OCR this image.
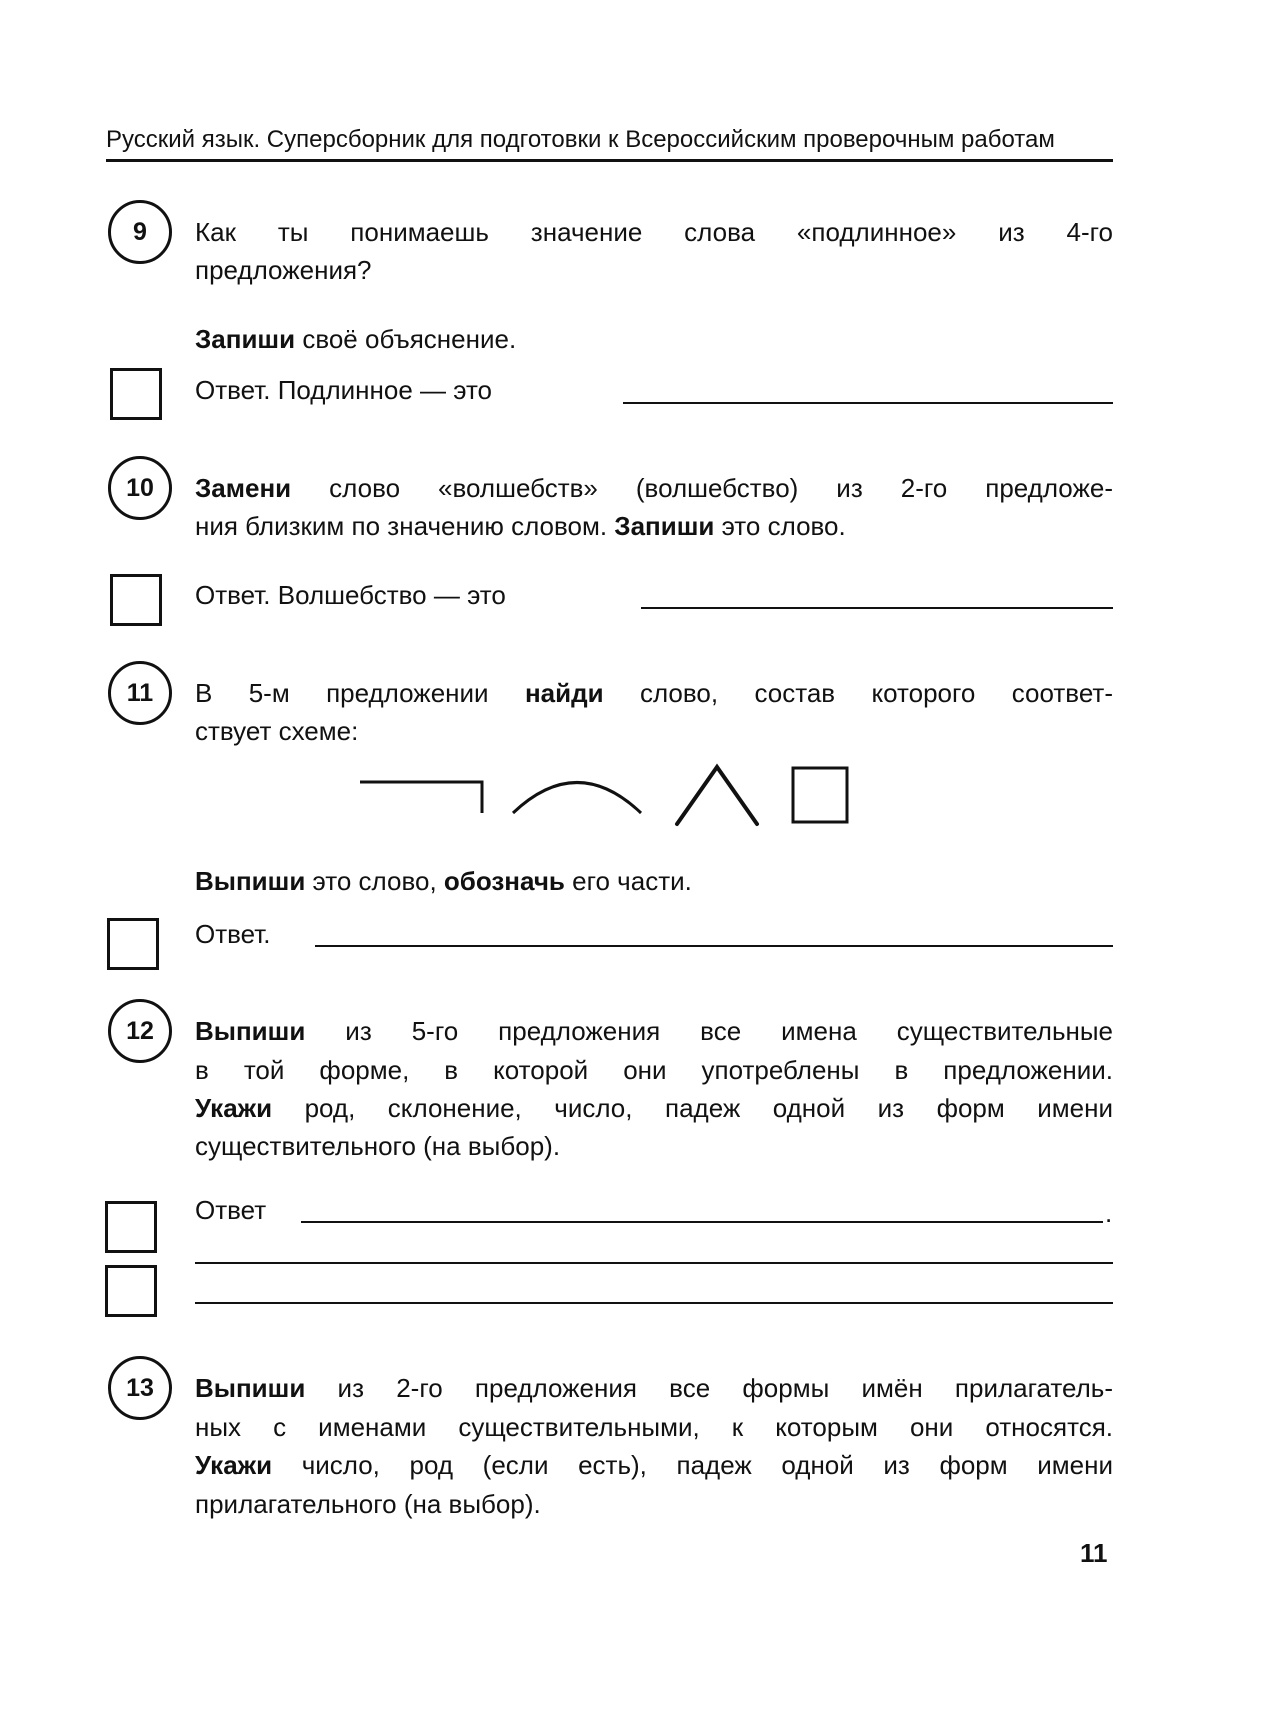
Русский язык. Суперсборник для подготовки к Всероссийским проверочным работам
9	Как ты понимаешь значение слова «подлинное» из 4-го
предложения?
Запиши своё объяснение.
Ответ. Подлинное — это
10	Замени слово «волшебств» (волшебство) из 2-го предложе-
ния близким по значению словом. Запиши это слово.
Ответ. Волшебство — это
11	В 5-м предложении найди слово, состав которого соответ-
ствует схеме:
Выпиши это слово, обозначь его части.
Ответ.
12	Выпиши из 5-го предложения все имена существительные
в той форме, в которой они употреблены в предложении.
Укажи род, склонение, число, падеж одной из форм имени
существительного (на выбор).
Ответ	.
13	Выпиши из 2-го предложения все формы имён прилагатель-
ных с именами существительными, к которым они относятся.
Укажи число, род (если есть), падеж одной из форм имени
прилагательного (на выбор).
11
